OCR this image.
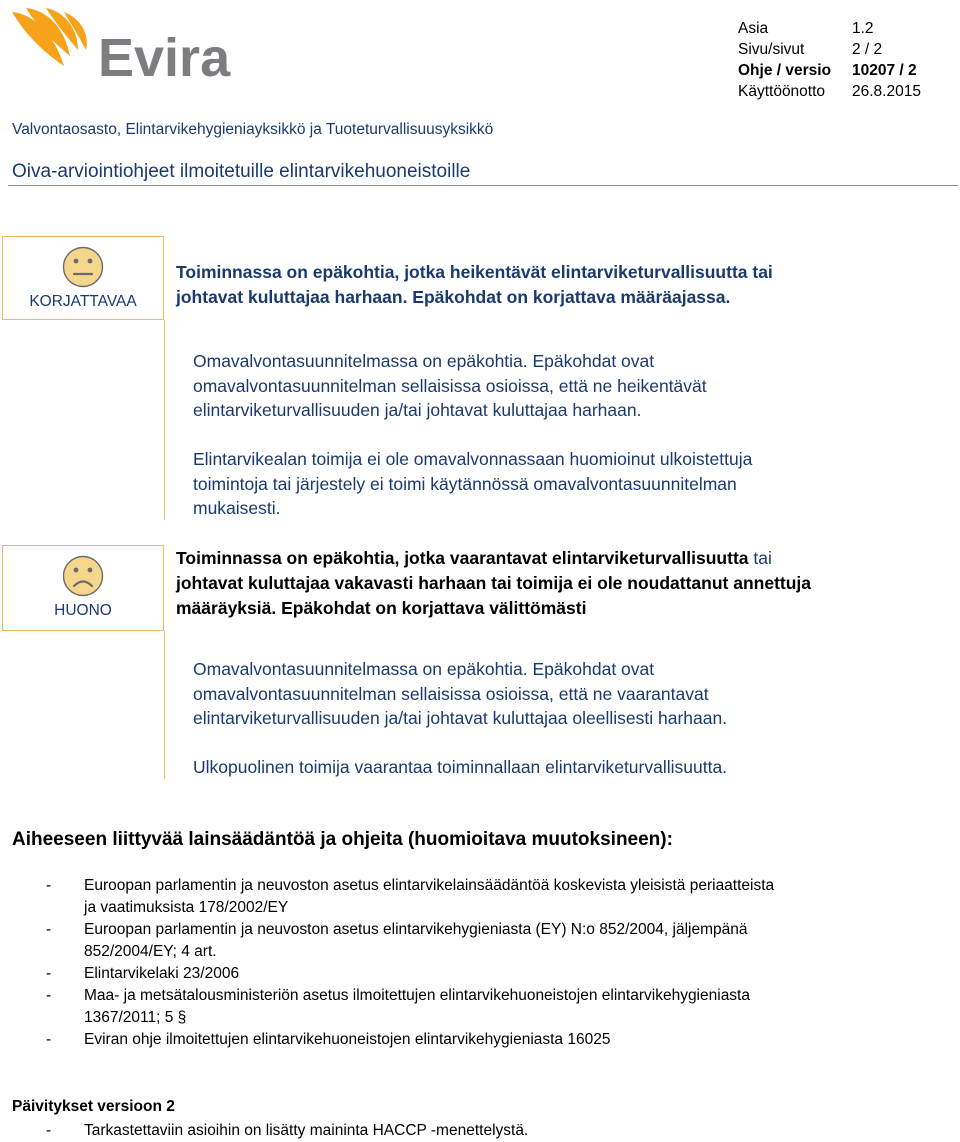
Evira	Asia	1.2
Sivu/sivut	2 / 2
Ohje / versio	10207 / 2
Käyttöönotto	26.8.2015
Valvontaosasto, Elintarvikehygieniayksikkö ja Tuoteturvallisuusyksikkö
Oiva-arviointiohjeet ilmoitetuille elintarvikehuoneistoille
KORJATTAVAA
Toiminnassa on epäkohtia, jotka heikentävät elintarviketurvallisuutta tai
johtavat kuluttajaa harhaan. Epäkohdat on korjattava määräajassa.
Omavalvontasuunnitelmassa on epäkohtia. Epäkohdat ovat
omavalvontasuunnitelman sellaisissa osioissa, että ne heikentävät
elintarviketurvallisuuden ja/tai johtavat kuluttajaa harhaan.
Elintarvikealan toimija ei ole omavalvonnassaan huomioinut ulkoistettuja
toimintoja tai järjestely ei toimi käytännössä omavalvontasuunnitelman
mukaisesti.
HUONO
Toiminnassa on epäkohtia, jotka vaarantavat elintarviketurvallisuutta tai
johtavat kuluttajaa vakavasti harhaan tai toimija ei ole noudattanut annettuja
määräyksiä. Epäkohdat on korjattava välittömästi
Omavalvontasuunnitelmassa on epäkohtia. Epäkohdat ovat
omavalvontasuunnitelman sellaisissa osioissa, että ne vaarantavat
elintarviketurvallisuuden ja/tai johtavat kuluttajaa oleellisesti harhaan.
Ulkopuolinen toimija vaarantaa toiminnallaan elintarviketurvallisuutta.
Aiheeseen liittyvää lainsäädäntöä ja ohjeita (huomioitava muutoksineen):
- Euroopan parlamentin ja neuvoston asetus elintarvikelainsäädäntöä koskevista yleisistä periaatteista
ja vaatimuksista 178/2002/EY
- Euroopan parlamentin ja neuvoston asetus elintarvikehygieniasta (EY) N:o 852/2004, jäljempänä
852/2004/EY; 4 art.
- Elintarvikelaki 23/2006
- Maa- ja metsätalousministeriön asetus ilmoitettujen elintarvikehuoneistojen elintarvikehygieniasta
1367/2011; 5 §
- Eviran ohje ilmoitettujen elintarvikehuoneistojen elintarvikehygieniasta 16025
Päivitykset versioon 2
- Tarkastettaviin asioihin on lisätty maininta HACCP -menettelystä.
